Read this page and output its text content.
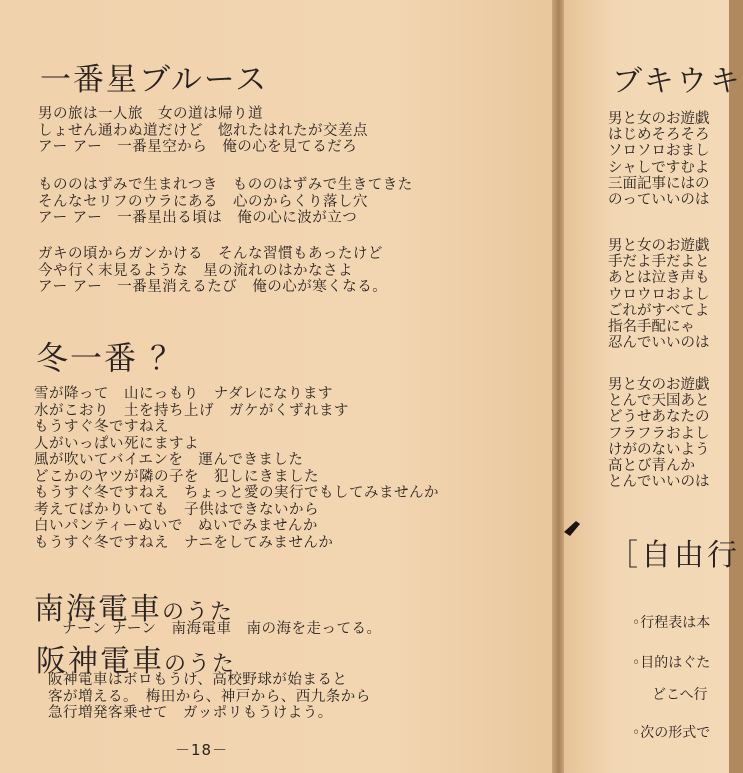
一番星ブルース
男の旅は一人旅　女の道は帰り道
しょせん通わぬ道だけど　惚れたはれたが交差点
アー アー　一番星空から　俺の心を見てるだろ
もののはずみで生まれつき　もののはずみで生きてきた
そんなセリフのウラにある　心のからくり落し穴
アー アー　一番星出る頃は　俺の心に波が立つ
ガキの頃からガンかける　そんな習慣もあったけど
今や行く末見るような　星の流れのはかなさよ
アー アー　一番星消えるたび　俺の心が寒くなる。
冬一番 ？
雪が降って　山にっもり　ナダレになります
水がこおり　土を持ち上げ　ガケがくずれます
もうすぐ冬ですねえ
人がいっぱい死にますよ
風が吹いてバイエンを　運んできました
どこかのヤツが隣の子を　犯しにきました
もうすぐ冬ですねえ　ちょっと愛の実行でもしてみませんか
考えてばかりいても　子供はできないから
白いパンティーぬいで　ぬいでみませんか
もうすぐ冬ですねえ　ナニをしてみませんか
南海電車のうた
ナーン ナーン　南海電車　南の海を走ってる。
阪神電車のうた
阪神電車はボロもうけ、高校野球が始まると
客が増える。　梅田から、神戸から、西九条から
急行増発客乗せて　ガッポリもうけよう。
－18－
ブキウキ
男と女のお遊戯
はじめそろそろ
ソロソロおまし
シャしですむよ
三面記事にはの
のっていいのは
男と女のお遊戯
手だよ手だよと
あとは泣き声も
ウロウロおよし
ごれがすべてよ
指名手配にゃ
忍んでいいのは
男と女のお遊戯
とんで天国あと
どうせあなたの
フラフラおよし
けがのないよう
高とび青んか
とんでいいのは
［自由行
◦行程表は本
◦目的はぐた
どこへ行
◦次の形式で
